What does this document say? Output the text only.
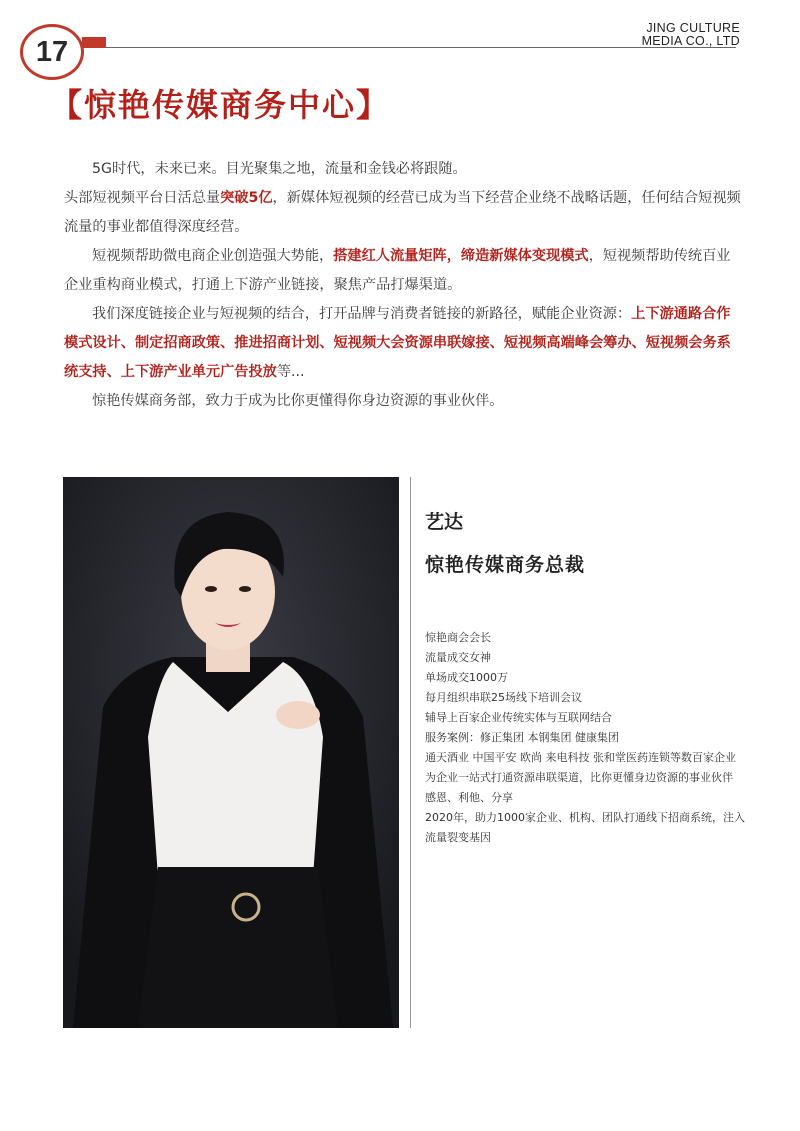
17
JING CULTURE
MEDIA CO., LTD
【惊艳传媒商务中心】

5G时代，未来已来。目光聚集之地，流量和金钱必将跟随。

头部短视频平台日活总量突破5亿，新媒体短视频的经营已成为当下经营企业绕不战略话题，任何结合短视频流量的事业都值得深度经营。

短视频帮助微电商企业创造强大势能，搭建红人流量矩阵，缔造新媒体变现模式，短视频帮助传统百业企业重构商业模式，打通上下游产业链接，聚焦产品打爆渠道。

我们深度链接企业与短视频的结合，打开品牌与消费者链接的新路径，赋能企业资源：上下游通路合作模式设计、制定招商政策、推进招商计划、短视频大会资源串联嫁接、短视频高端峰会筹办、短视频会务系统支持、上下游产业单元广告投放等...

惊艳传媒商务部，致力于成为比你更懂得你身边资源的事业伙伴。

艺达
惊艳传媒商务总裁
惊艳商会会长
流量成交女神
单场成交1000万
每月组织串联25场线下培训会议
辅导上百家企业传统实体与互联网结合
服务案例：修正集团 本钢集团 健康集团
通天酒业 中国平安 欧尚 来电科技 张和堂医药连锁等数百家企业
为企业一站式打通资源串联渠道，比你更懂身边资源的事业伙伴
感恩、利他、分享
2020年，助力1000家企业、机构、团队打通线下招商系统，注入流量裂变基因
